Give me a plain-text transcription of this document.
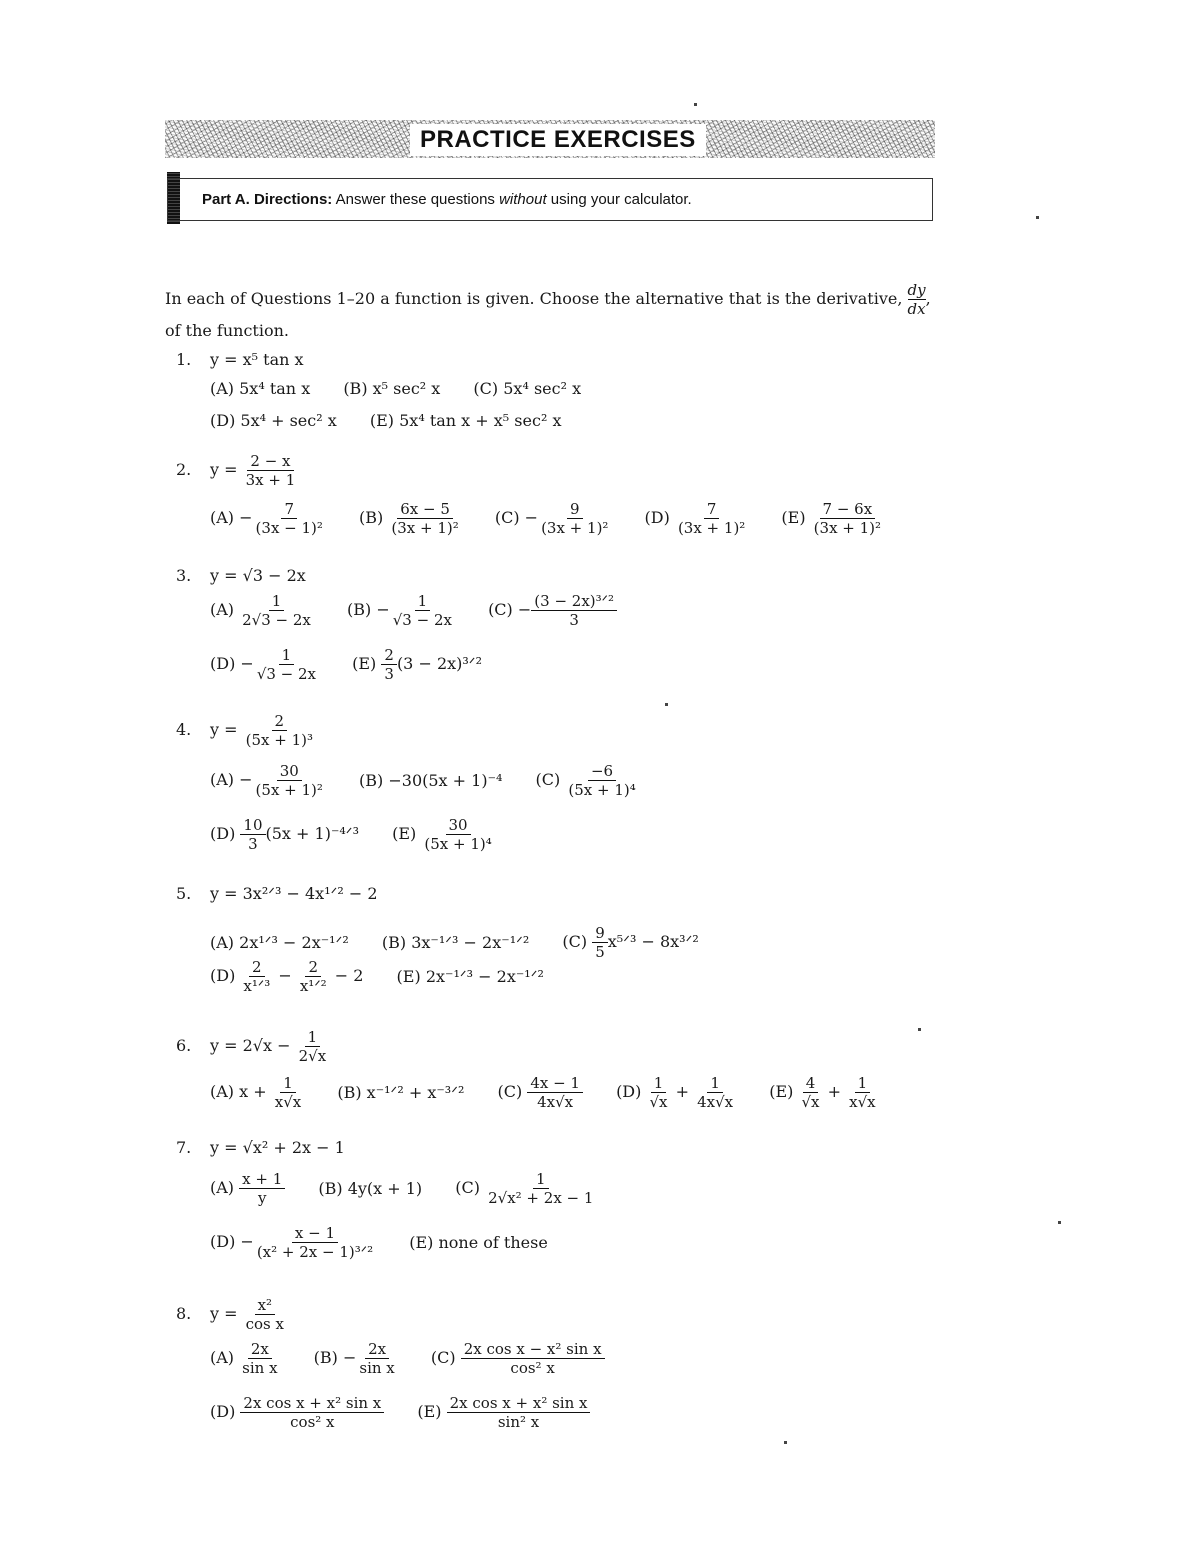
PRACTICE EXERCISES
Part A. Directions: Answer these questions without using your calculator.
In each of Questions 1–20 a function is given. Choose the alternative that is the derivative, $\frac{dy}{dx}$ ,
of the function.
1. y = x⁵ tan x
(A) 5x⁴ tan x (B) x⁵ sec² x (C) 5x⁴ sec² x
(D) 5x⁴ + sec² x (E) 5x⁴ tan x + x⁵ sec² x
2. $y = \frac{2 - x}{3x + 1}$
$(A) - \frac{7}{\text{(3x − 1)²}} (B) \frac{6x - 5}{\text{(3x + 1)²}} (C) - \frac{9}{\text{(3x + 1)²}} (D) \frac{7}{\text{(3x + 1)²}} (E) \frac{7 - 6x}{\text{(3x + 1)²}}$
3. y = √3 − 2x
$(A) \frac{1}{2√3 - 2x} (B) - \frac{1}{√3 - 2x} (C) - \frac{\text{(3 − 2x)³ᐟ²}}{3}$
$(D) - \frac{1}{√3 - 2x} (E) \frac{2}{3} (3$ − 2x)³ᐟ²
4. $y = \frac{2}{\text{(5x + 1)³}}$
$(A) - \frac{30}{\text{(5x + 1)²}} (B) -30(5x + 1)^{-4}$ $(C) \frac{-6}{\text{(5x + 1)⁴}}$
$(D) \frac{10}{3} (5x$ + 1)⁻⁴ᐟ³ $(E) \frac{30}{\text{(5x + 1)⁴}}$
5. y = 3x²ᐟ³ − 4x¹ᐟ² − 2
(A) 2x¹ᐟ³ − 2x⁻¹ᐟ² (B) 3x⁻¹ᐟ³ − 2x⁻¹ᐟ² $(C) \frac{9}{5}$ x⁵ᐟ³ − 8x³ᐟ²
$(D) \frac{2}{\text{x¹ᐟ³}} - \frac{2}{\text{x¹ᐟ²}} - 2$ (E) 2x⁻¹ᐟ³ − 2x⁻¹ᐟ²
6. $y = 2√x - \frac{1}{2√x}$
(A) $x + \frac{1}{x√x} (B)$ x⁻¹ᐟ² + x⁻³ᐟ² $(C) \frac{4x - 1}{4x√x} (D) \frac{1}{√x} + \frac{1}{4x√x} (E) \frac{4}{√x} + \frac{1}{x√x}$
7. y = √x² + 2x − 1
$(A) \frac{x + 1}{y} (B) 4y(x + 1)$ $(C) \frac{1}{\text{2√x² + 2x − 1}}$
$(D) - \frac{x - 1}{\text{(x² + 2x − 1)³ᐟ²}} (E)$ none of these
8. $y = \frac{\text{x²}}{\text{cos x}}$
$(A) \frac{2x}{\text{sin x}} (B) - \frac{2x}{\text{sin x}} (C) \frac{\text{2x cos x − x² sin x}}{\text{cos² x}}$
$(D) \frac{\text{2x cos x + x² sin x}}{\text{cos² x}} (E) \frac{\text{2x cos x + x² sin x}}{\text{sin² x}}$
